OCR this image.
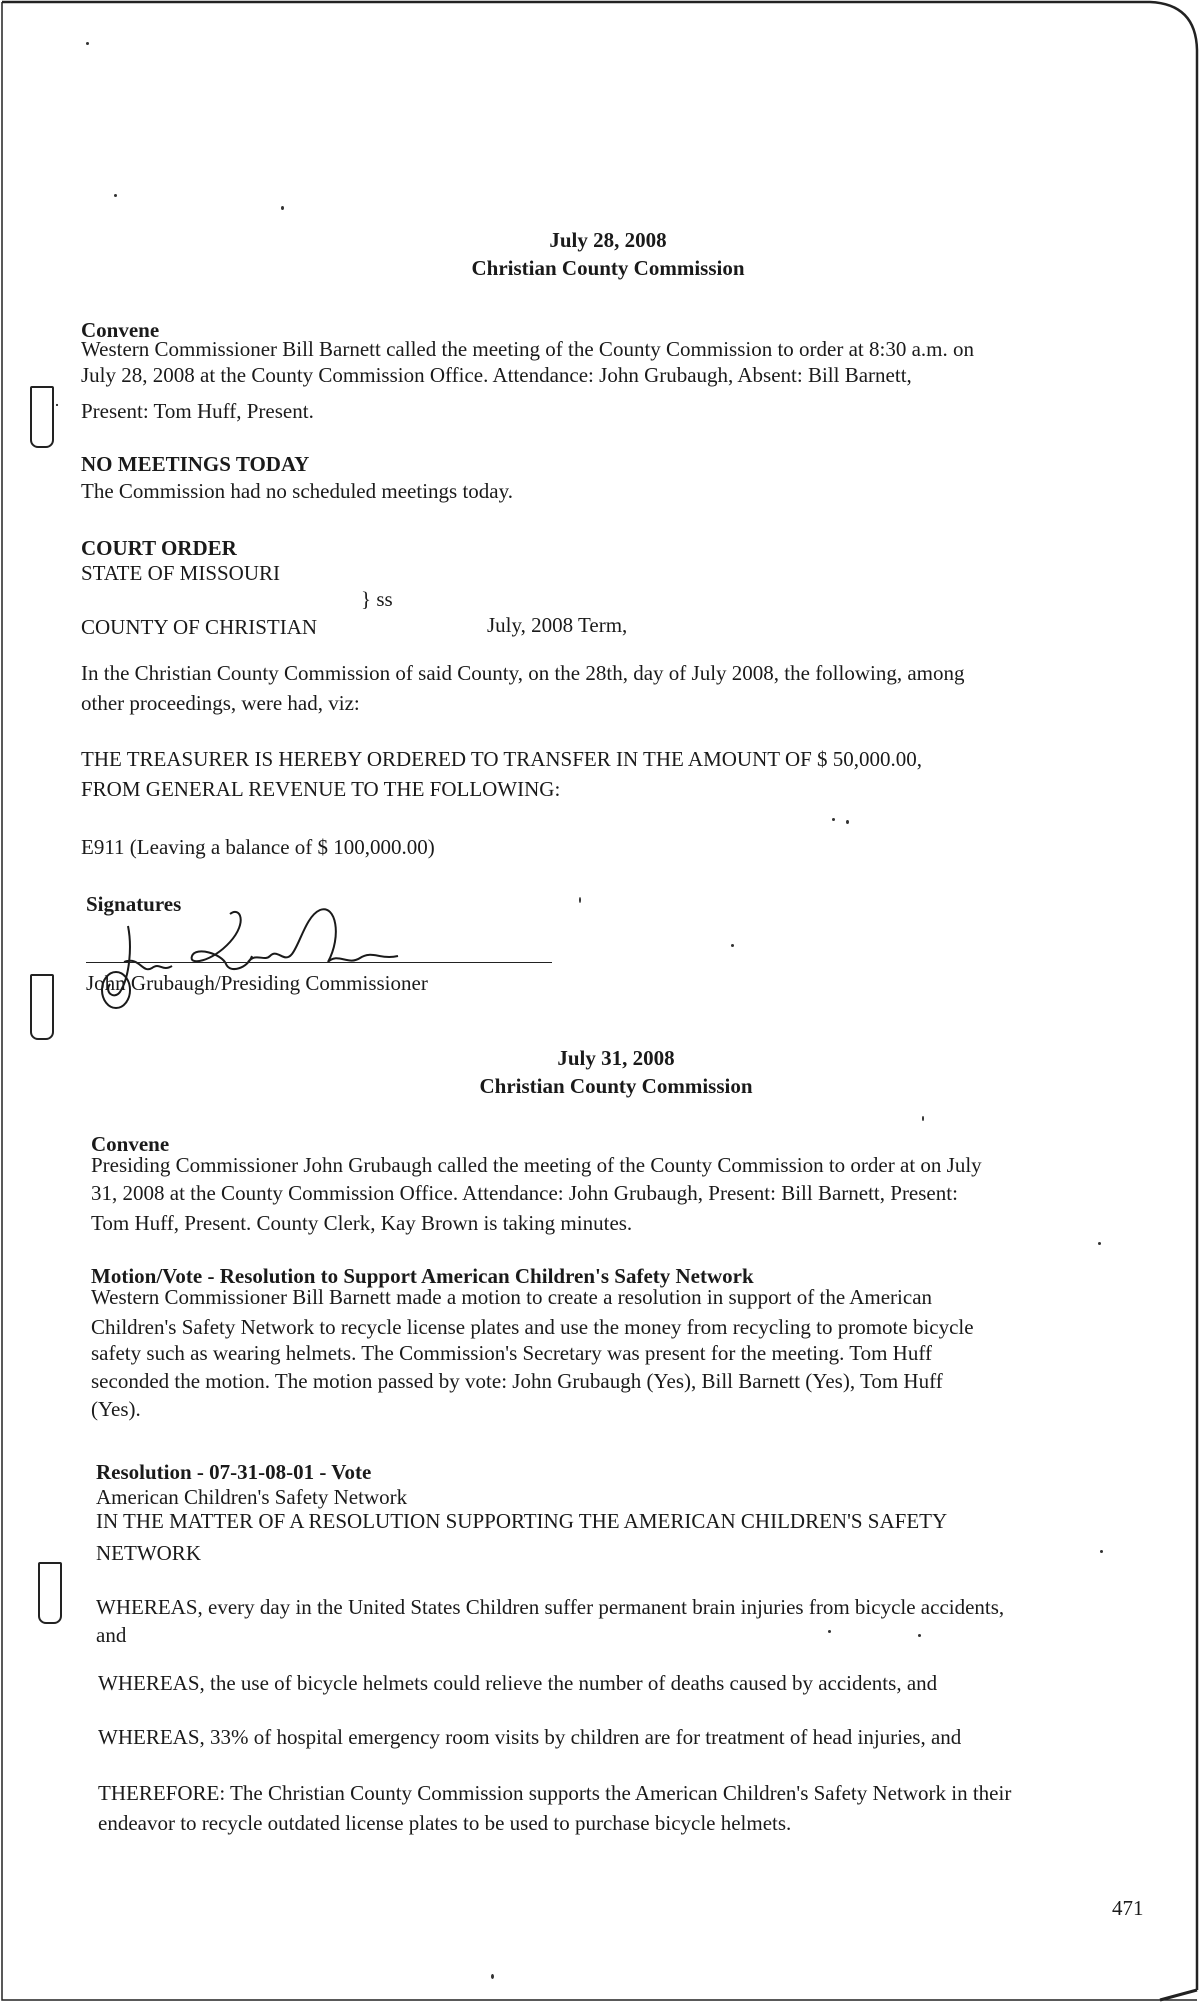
·
July 28, 2008
Christian County Commission
Convene
Western Commissioner Bill Barnett called the meeting of the County Commission to order at 8:30 a.m. on
July 28, 2008 at the County Commission Office. Attendance: John Grubaugh, Absent: Bill Barnett,
Present: Tom Huff, Present.
NO MEETINGS TODAY
The Commission had no scheduled meetings today.
COURT ORDER
STATE OF MISSOURI
} ss
COUNTY OF CHRISTIAN	July, 2008 Term,
In the Christian County Commission of said County, on the 28th, day of July 2008, the following, among
other proceedings, were had, viz:
THE TREASURER IS HEREBY ORDERED TO TRANSFER IN THE AMOUNT OF $ 50,000.00,
FROM GENERAL REVENUE TO THE FOLLOWING:
E911 (Leaving a balance of $ 100,000.00)
Signatures
John Grubaugh/Presiding Commissioner
July 31, 2008
Christian County Commission
Convene
Presiding Commissioner John Grubaugh called the meeting of the County Commission to order at on July
31, 2008 at the County Commission Office. Attendance: John Grubaugh, Present: Bill Barnett, Present:
Tom Huff, Present. County Clerk, Kay Brown is taking minutes.
Motion/Vote - Resolution to Support American Children's Safety Network
Western Commissioner Bill Barnett made a motion to create a resolution in support of the American
Children's Safety Network to recycle license plates and use the money from recycling to promote bicycle
safety such as wearing helmets. The Commission's Secretary was present for the meeting. Tom Huff
seconded the motion. The motion passed by vote: John Grubaugh (Yes), Bill Barnett (Yes), Tom Huff
(Yes).
Resolution - 07-31-08-01 - Vote
American Children's Safety Network
IN THE MATTER OF A RESOLUTION SUPPORTING THE AMERICAN CHILDREN'S SAFETY
NETWORK
WHEREAS, every day in the United States Children suffer permanent brain injuries from bicycle accidents,
and
WHEREAS, the use of bicycle helmets could relieve the number of deaths caused by accidents, and
WHEREAS, 33% of hospital emergency room visits by children are for treatment of head injuries, and
THEREFORE: The Christian County Commission supports the American Children's Safety Network in their
endeavor to recycle outdated license plates to be used to purchase bicycle helmets.
471
